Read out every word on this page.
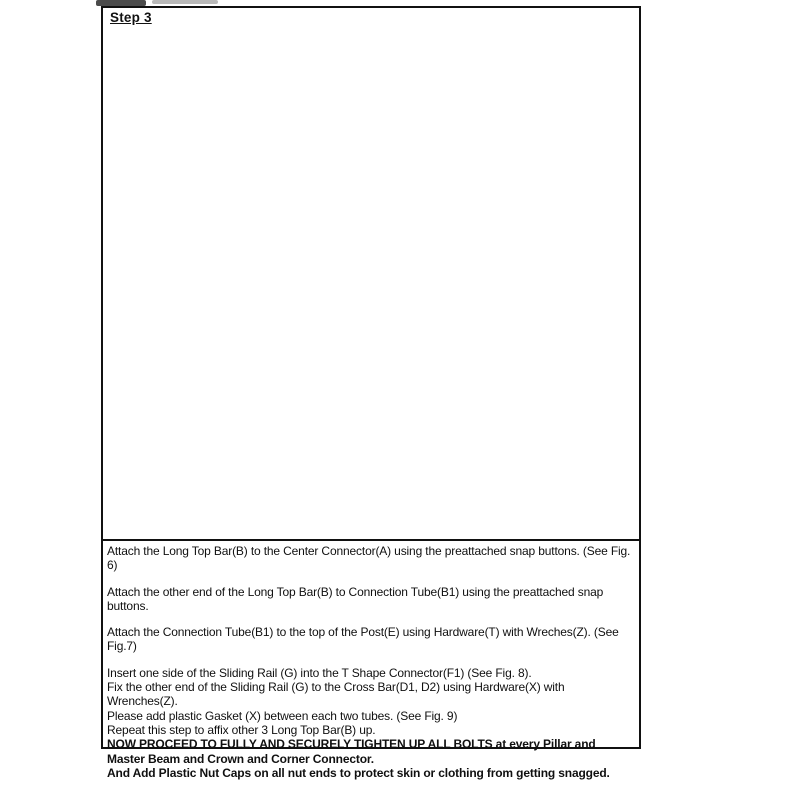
Step 3

Attach the Long Top Bar(B) to the Center Connector(A) using the preattached snap buttons. (See Fig. 6)

Attach the other end of the Long Top Bar(B) to Connection Tube(B1) using the preattached snap buttons.

Attach the Connection Tube(B1) to the top of the Post(E) using Hardware(T) with Wreches(Z). (See Fig.7)

Insert one side of the Sliding Rail (G) into the T Shape Connector(F1) (See Fig. 8).

Fix the other end of the Sliding Rail (G) to the Cross Bar(D1, D2) using Hardware(X) with Wrenches(Z).

Please add plastic Gasket (X) between each two tubes. (See Fig. 9)

Repeat this step to affix other 3 Long Top Bar(B) up.

NOW PROCEED TO FULLY AND SECURELY TIGHTEN UP ALL BOLTS at every Pillar and Master Beam and Crown and Corner Connector.

And Add Plastic Nut Caps on all nut ends to protect skin or clothing from getting snagged.
